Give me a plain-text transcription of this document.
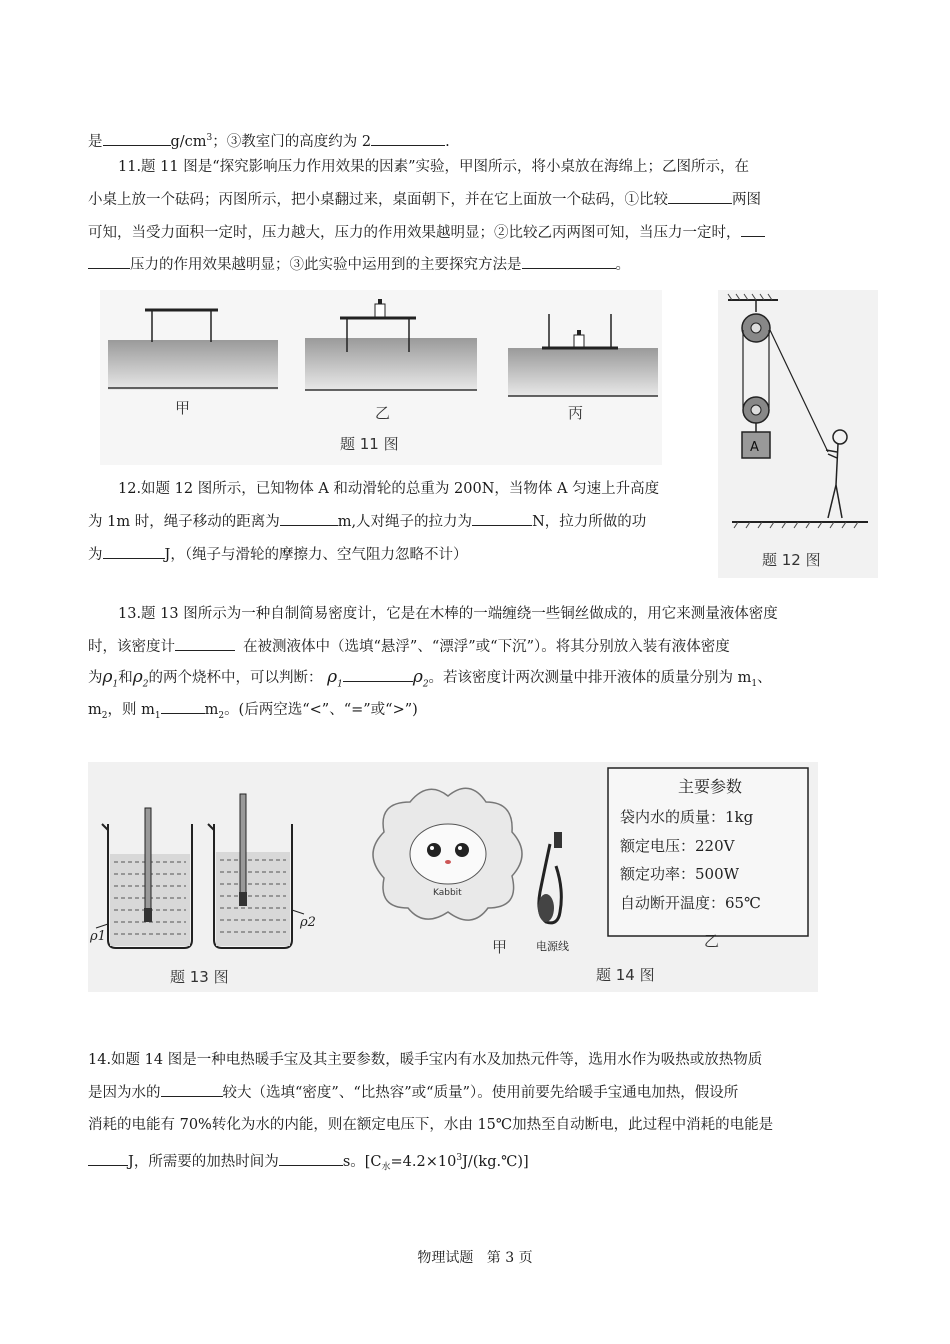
是	$g/cm^3$；③教室门的高度约为 2	.
11.题 11 图是“探究影响压力作用效果的因素”实验，甲图所示，将小桌放在海绵上；乙图所示，在
小桌上放一个砝码；丙图所示，把小桌翻过来，桌面朝下，并在它上面放一个砝码，①比较	两图
可知，当受力面积一定时，压力越大，压力的作用效果越明显；②比较乙丙两图可知，当压力一定时，
压力的作用效果越明显；③此实验中运用到的主要探究方法是	。
甲	乙	丙
题 11 图	A
题 12 图
12.如题 12 图所示，已知物体 A 和动滑轮的总重为 200N，当物体 A 匀速上升高度
为 1m 时，绳子移动的距离为	m,人对绳子的拉力为	N，拉力所做的功
为	J，（绳子与滑轮的摩擦力、空气阻力忽略不计）
13.题 13 图所示为一种自制简易密度计，它是在木棒的一端缠绕一些铜丝做成的，用它来测量液体密度
时，该密度计	在被测液体中（选填“悬浮”、“漂浮”或“下沉”）。将其分别放入装有液体密度
为$\rho_1$和$\rho_2$的两个烧杯中，可以判断： $\rho_1$	$\rho_2$。若该密度计两次测量中排开液体的质量分别为 $m_1$、
$m_2$，则 $m_1$	$m_2$。(后两空选“<”、“=”或“>”)
ρ1
ρ2
题 13 图
Kabbit
电源线
甲
主要参数
袋内水的质量：1kg
额定电压：220V
额定功率：500W
自动断开温度：65℃
乙
题 14 图
14.如题 14 图是一种电热暖手宝及其主要参数，暖手宝内有水及加热元件等，选用水作为吸热或放热物质
是因为水的	较大（选填“密度”、“比热容”或“质量”）。使用前要先给暖手宝通电加热，假设所
消耗的电能有 70%转化为水的内能，则在额定电压下，水由 15℃加热至自动断电，此过程中消耗的电能是
J，所需要的加热时间为	s。$[C_水=4.2\times 10^3J/(kg.℃)]$
物理试题 第 3 页
